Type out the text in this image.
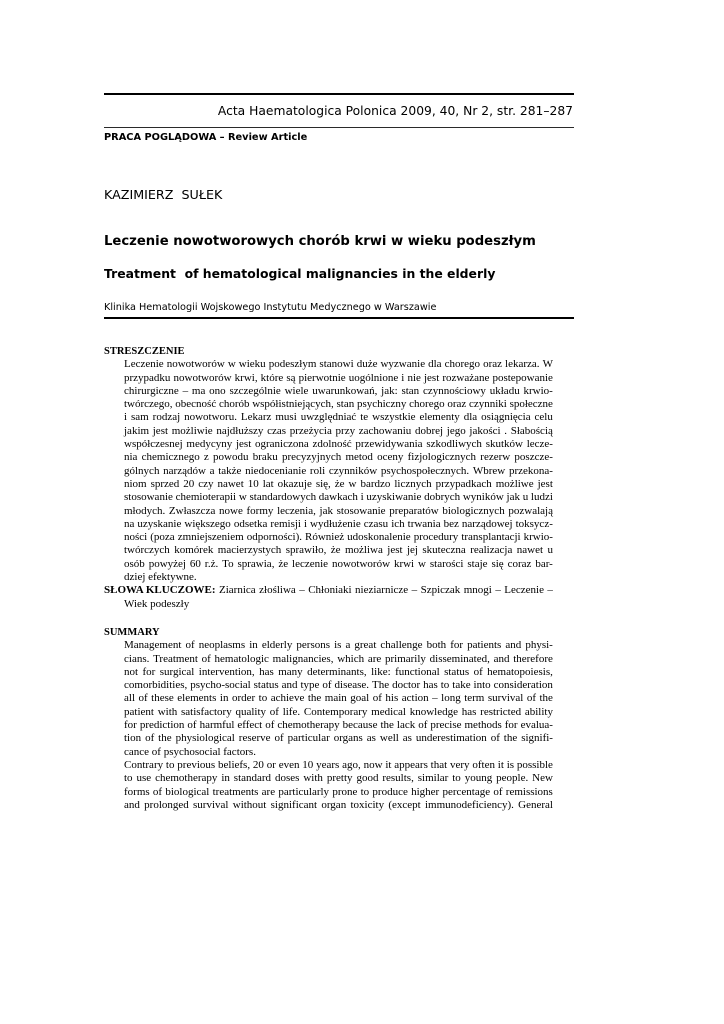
Acta Haematologica Polonica 2009, 40, Nr 2, str. 281–287
PRACA POGLĄDOWA – Review Article
KAZIMIERZ  SUŁEK
Leczenie nowotworowych chorób krwi w wieku podeszłym
Treatment  of hematological malignancies in the elderly
Klinika Hematologii Wojskowego Instytutu Medycznego w Warszawie
STRESZCZENIE
Leczenie nowotworów w wieku podeszłym stanowi duże wyzwanie dla chorego oraz lekarza. W
przypadku nowotworów krwi, które są pierwotnie uogólnione i nie jest rozważane postepowanie
chirurgiczne – ma ono szczególnie wiele uwarunkowań, jak: stan czynnościowy układu krwio-
twórczego, obecność chorób współistniejących, stan psychiczny chorego oraz czynniki społeczne
i sam rodzaj nowotworu. Lekarz musi uwzględniać te wszystkie elementy dla osiągnięcia celu
jakim jest możliwie najdłuższy czas przeżycia przy zachowaniu dobrej jego jakości . Słabością
współczesnej medycyny jest ograniczona zdolność przewidywania szkodliwych skutków lecze-
nia chemicznego z powodu braku precyzyjnych metod oceny fizjologicznych rezerw poszcze-
gólnych narządów a także niedocenianie roli czynników psychospołecznych. Wbrew przekona-
niom sprzed 20 czy nawet 10 lat okazuje się, że w bardzo licznych przypadkach możliwe jest
stosowanie chemioterapii w standardowych dawkach i uzyskiwanie dobrych wyników jak u ludzi
młodych. Zwłaszcza nowe formy leczenia, jak stosowanie preparatów biologicznych pozwalają
na uzyskanie większego odsetka remisji i wydłużenie czasu ich trwania bez narządowej toksycz-
ności (poza zmniejszeniem odporności). Również udoskonalenie procedury transplantacji krwio-
twórczych komórek macierzystych sprawiło, że możliwa jest jej skuteczna realizacja nawet u
osób powyżej 60 r.ż. To sprawia, że leczenie nowotworów krwi w starości staje się coraz bar-
dziej efektywne.
SŁOWA KLUCZOWE: Ziarnica złośliwa – Chłoniaki nieziarnicze – Szpiczak mnogi – Leczenie –
Wiek podeszły
SUMMARY
Management of neoplasms in elderly persons is a great challenge both for patients and physi-
cians. Treatment of hematologic malignancies, which are primarily disseminated, and therefore
not for surgical intervention, has many determinants, like: functional status of hematopoiesis,
comorbidities, psycho-social status and type of disease. The doctor has to take into consideration
all of these elements in order to achieve the main goal of his action – long term survival of the
patient with satisfactory quality of life. Contemporary medical knowledge has restricted ability
for prediction of harmful effect of chemotherapy because the lack of precise methods for evalua-
tion of the physiological reserve of particular organs as well as underestimation of the signifi-
cance of psychosocial factors.
Contrary to previous beliefs, 20 or even 10 years ago, now it appears that very often it is possible
to use chemotherapy in standard doses with pretty good results, similar to young people. New
forms of biological treatments are particularly prone to produce higher percentage of remissions
and prolonged survival without significant organ toxicity (except immunodeficiency). General
